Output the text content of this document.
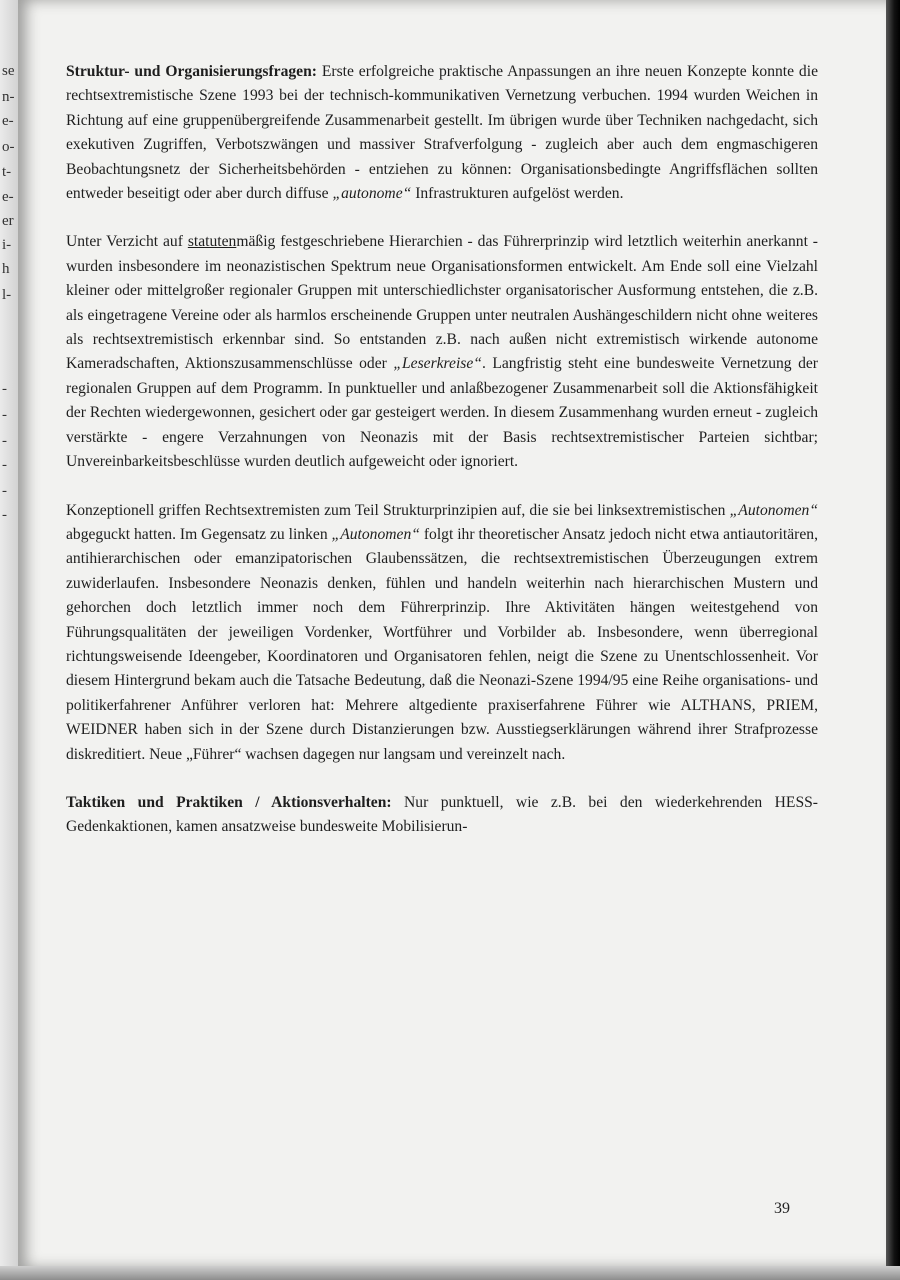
se
n-
e-
o-
t-
e-
er
i-
h
l-
-
-
-
-
-
-

Struktur- und Organisierungsfragen: Erste erfolgreiche praktische Anpassungen an ihre neuen Konzepte konnte die rechtsextremistische Szene 1993 bei der technisch-kommunikativen Vernetzung verbuchen. 1994 wurden Weichen in Richtung auf eine gruppenübergreifende Zusammenarbeit gestellt. Im übrigen wurde über Techniken nachgedacht, sich exekutiven Zugriffen, Verbotszwängen und massiver Strafverfolgung - zugleich aber auch dem engmaschigeren Beobachtungsnetz der Sicherheitsbehörden - entziehen zu können: Organisationsbedingte Angriffsflächen sollten entweder beseitigt oder aber durch diffuse „autonome“ Infrastrukturen aufgelöst werden.

Unter Verzicht auf statutenmäßig festgeschriebene Hierarchien - das Führerprinzip wird letztlich weiterhin anerkannt - wurden insbesondere im neonazistischen Spektrum neue Organisationsformen entwickelt. Am Ende soll eine Vielzahl kleiner oder mittelgroßer regionaler Gruppen mit unterschiedlichster organisatorischer Ausformung entstehen, die z.B. als eingetragene Vereine oder als harmlos erscheinende Gruppen unter neutralen Aushängeschildern nicht ohne weiteres als rechtsextremistisch erkennbar sind. So entstanden z.B. nach außen nicht extremistisch wirkende autonome Kameradschaften, Aktionszusammenschlüsse oder „Leserkreise“. Langfristig steht eine bundesweite Vernetzung der regionalen Gruppen auf dem Programm. In punktueller und anlaßbezogener Zusammenarbeit soll die Aktionsfähigkeit der Rechten wiedergewonnen, gesichert oder gar gesteigert werden. In diesem Zusammenhang wurden erneut - zugleich verstärkte - engere Verzahnungen von Neonazis mit der Basis rechtsextremistischer Parteien sichtbar; Unvereinbarkeitsbeschlüsse wurden deutlich aufgeweicht oder ignoriert.

Konzeptionell griffen Rechtsextremisten zum Teil Strukturprinzipien auf, die sie bei linksextremistischen „Autonomen“ abgeguckt hatten. Im Gegensatz zu linken „Autonomen“ folgt ihr theoretischer Ansatz jedoch nicht etwa antiautoritären, antihierarchischen oder emanzipatorischen Glaubenssätzen, die rechtsextremistischen Überzeugungen extrem zuwiderlaufen. Insbesondere Neonazis denken, fühlen und handeln weiterhin nach hierarchischen Mustern und gehorchen doch letztlich immer noch dem Führerprinzip. Ihre Aktivitäten hängen weitestgehend von Führungsqualitäten der jeweiligen Vordenker, Wortführer und Vorbilder ab. Insbesondere, wenn überregional richtungsweisende Ideengeber, Koordinatoren und Organisatoren fehlen, neigt die Szene zu Unentschlossenheit. Vor diesem Hintergrund bekam auch die Tatsache Bedeutung, daß die Neonazi-Szene 1994/95 eine Reihe organisations- und politikerfahrener Anführer verloren hat: Mehrere altgediente praxiserfahrene Führer wie ALTHANS, PRIEM, WEIDNER haben sich in der Szene durch Distanzierungen bzw. Ausstiegserklärungen während ihrer Strafprozesse diskreditiert. Neue „Führer“ wachsen dagegen nur langsam und vereinzelt nach.

Taktiken und Praktiken / Aktionsverhalten: Nur punktuell, wie z.B. bei den wiederkehrenden HESS-Gedenkaktionen, kamen ansatzweise bundesweite Mobilisierun-

39
